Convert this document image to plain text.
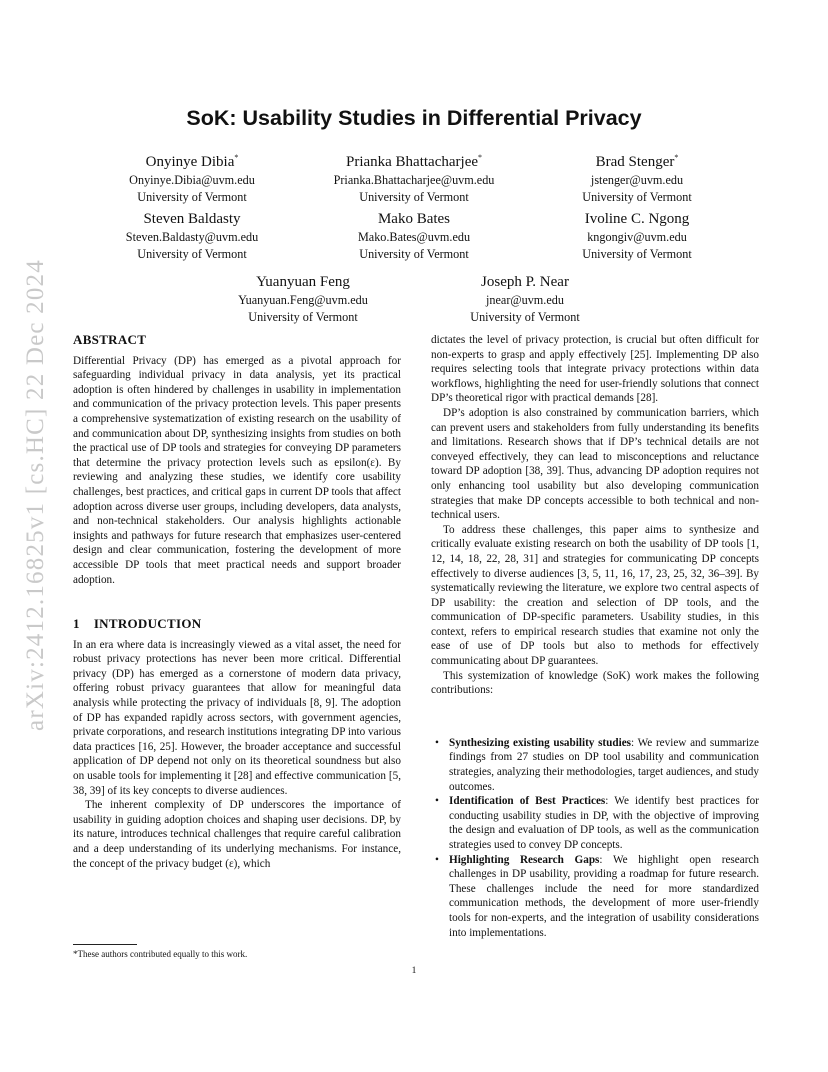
arXiv:2412.16825v1 [cs.HC] 22 Dec 2024
SoK: Usability Studies in Differential Privacy
Onyinye Dibia*
Onyinye.Dibia@uvm.edu
University of Vermont
Prianka Bhattacharjee*
Prianka.Bhattacharjee@uvm.edu
University of Vermont
Brad Stenger*
jstenger@uvm.edu
University of Vermont
Steven Baldasty
Steven.Baldasty@uvm.edu
University of Vermont
Mako Bates
Mako.Bates@uvm.edu
University of Vermont
Ivoline C. Ngong
kngongiv@uvm.edu
University of Vermont
Yuanyuan Feng
Yuanyuan.Feng@uvm.edu
University of Vermont
Joseph P. Near
jnear@uvm.edu
University of Vermont
ABSTRACT

Differential Privacy (DP) has emerged as a pivotal approach for safeguarding individual privacy in data analysis, yet its practical adoption is often hindered by challenges in usability in implementation and communication of the privacy protection levels. This paper presents a comprehensive systematization of existing research on the usability of and communication about DP, synthesizing insights from studies on both the practical use of DP tools and strategies for conveying DP parameters that determine the privacy protection levels such as epsilon(ε). By reviewing and analyzing these studies, we identify core usability challenges, best practices, and critical gaps in current DP tools that affect adoption across diverse user groups, including developers, data analysts, and non-technical stakeholders. Our analysis highlights actionable insights and pathways for future research that emphasizes user-centered design and clear communication, fostering the development of more accessible DP tools that meet practical needs and support broader adoption.

1 INTRODUCTION

In an era where data is increasingly viewed as a vital asset, the need for robust privacy protections has never been more critical. Differential privacy (DP) has emerged as a cornerstone of modern data privacy, offering robust privacy guarantees that allow for meaningful data analysis while protecting the privacy of individuals [8, 9]. The adoption of DP has expanded rapidly across sectors, with government agencies, private corporations, and research institutions integrating DP into various data practices [16, 25]. However, the broader acceptance and successful application of DP depend not only on its theoretical soundness but also on usable tools for implementing it [28] and effective communication [5, 38, 39] of its key concepts to diverse audiences.

The inherent complexity of DP underscores the importance of usability in guiding adoption choices and shaping user decisions. DP, by its nature, introduces technical challenges that require careful calibration and a deep understanding of its underlying mechanisms. For instance, the concept of the privacy budget (ε), which

dictates the level of privacy protection, is crucial but often difficult for non-experts to grasp and apply effectively [25]. Implementing DP also requires selecting tools that integrate privacy protections within data workflows, highlighting the need for user-friendly solutions that connect DP’s theoretical rigor with practical demands [28].

DP’s adoption is also constrained by communication barriers, which can prevent users and stakeholders from fully understanding its benefits and limitations. Research shows that if DP’s technical details are not conveyed effectively, they can lead to misconceptions and reluctance toward DP adoption [38, 39]. Thus, advancing DP adoption requires not only enhancing tool usability but also developing communication strategies that make DP concepts accessible to both technical and non-technical users.

To address these challenges, this paper aims to synthesize and critically evaluate existing research on both the usability of DP tools [1, 12, 14, 18, 22, 28, 31] and strategies for communicating DP concepts effectively to diverse audiences [3, 5, 11, 16, 17, 23, 25, 32, 36–39]. By systematically reviewing the literature, we explore two central aspects of DP usability: the creation and selection of DP tools, and the communication of DP-specific parameters. Usability studies, in this context, refers to empirical research studies that examine not only the ease of use of DP tools but also to methods for effectively communicating about DP guarantees.

This systemization of knowledge (SoK) work makes the following contributions:

• Synthesizing existing usability studies: We review and summarize findings from 27 studies on DP tool usability and communication strategies, analyzing their methodologies, target audiences, and study outcomes.
• Identification of Best Practices: We identify best practices for conducting usability studies in DP, with the objective of improving the design and evaluation of DP tools, as well as the communication strategies used to convey DP concepts.
• Highlighting Research Gaps: We highlight open research challenges in DP usability, providing a roadmap for future research. These challenges include the need for more standardized communication methods, the development of more user-friendly tools for non-experts, and the integration of usability considerations into implementations.
*These authors contributed equally to this work.
1
